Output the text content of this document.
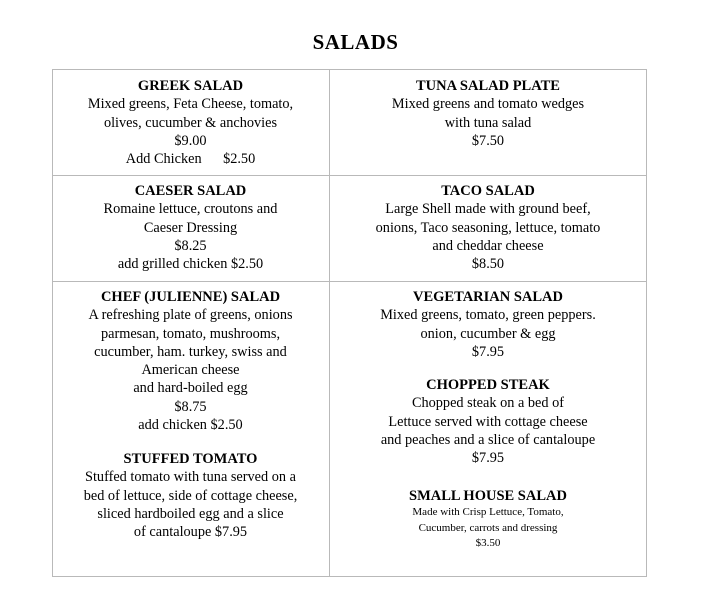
SALADS
GREEK SALAD
Mixed greens, Feta Cheese, tomato,
olives, cucumber & anchovies
$9.00
Add Chicken $2.50
TUNA SALAD PLATE
Mixed greens and tomato wedges
with tuna salad
$7.50
CAESER SALAD
Romaine lettuce, croutons and
Caeser Dressing
$8.25
add grilled chicken $2.50
TACO SALAD
Large Shell made with ground beef,
onions, Taco seasoning, lettuce, tomato
and cheddar cheese
$8.50
CHEF (JULIENNE) SALAD
A refreshing plate of greens, onions
parmesan, tomato, mushrooms,
cucumber, ham. turkey, swiss and
American cheese
and hard-boiled egg
$8.75
add chicken $2.50
STUFFED TOMATO
Stuffed tomato with tuna served on a
bed of lettuce, side of cottage cheese,
sliced hardboiled egg and a slice
of cantaloupe $7.95
VEGETARIAN SALAD
Mixed greens, tomato, green peppers.
onion, cucumber & egg
$7.95
CHOPPED STEAK
Chopped steak on a bed of
Lettuce served with cottage cheese
and peaches and a slice of cantaloupe
$7.95
SMALL HOUSE SALAD
Made with Crisp Lettuce, Tomato,
Cucumber, carrots and dressing
$3.50
